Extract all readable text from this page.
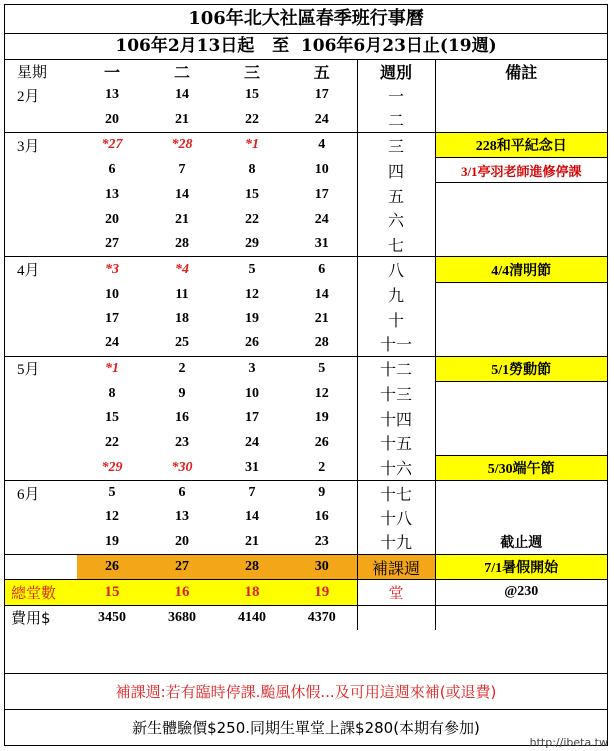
106年北大社區春季班行事曆
106年2月13日起   至  106年6月23日止(19週)
星期	一	二	三	五	週別	備註
2月	13	14	15	17	一	
	20	21	22	24	二	
3月	*27	*28	*1	4	三	228和平紀念日
	6	7	8	10	四	3/1亭羽老師進修停課
	13	14	15	17	五	
	20	21	22	24	六	
	27	28	29	31	七	
4月	*3	*4	5	6	八	4/4清明節
	10	11	12	14	九	
	17	18	19	21	十	
	24	25	26	28	十一	
5月	*1	2	3	5	十二	5/1勞動節
	8	9	10	12	十三	
	15	16	17	19	十四	
	22	23	24	26	十五	
	*29	*30	31	2	十六	5/30端午節
6月	5	6	7	9	十七	
	12	13	14	16	十八	
	19	20	21	23	十九	截止週
	26	27	28	30	補課週	7/1暑假開始
總堂數	15	16	18	19	堂	@230
費用$	3450	3680	4140	4370		
補課週:若有臨時停課.颱風休假...及可用這週來補(或退費)
新生體驗價$250.同期生單堂上課$280(本期有參加)
http://ibeta.tw
